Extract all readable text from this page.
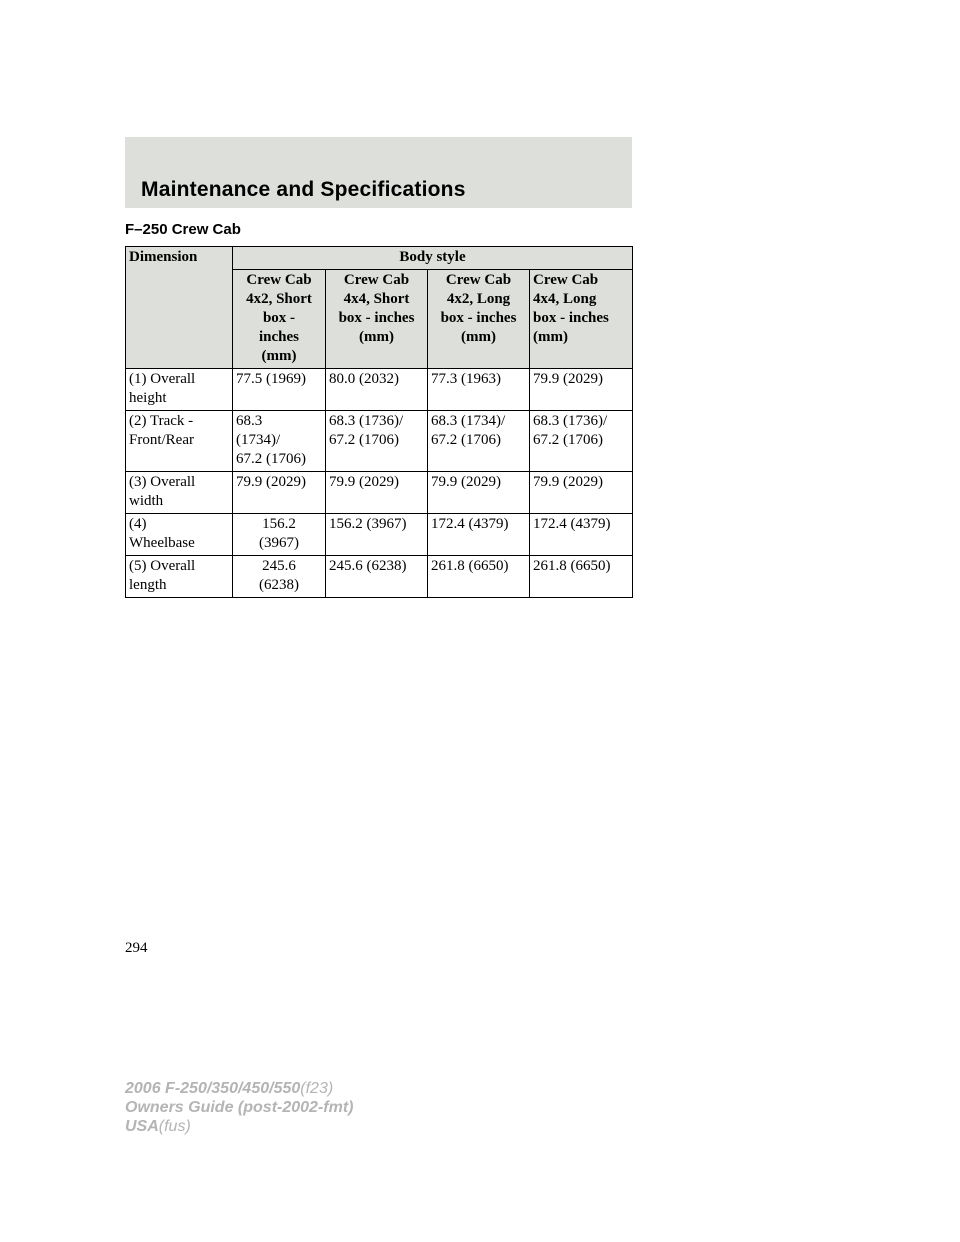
Maintenance and Specifications
F–250 Crew Cab
Dimension	Body style			

	Crew Cab
4x2, Short
box -
inches
(mm)	Crew Cab
4x4, Short
box - inches
(mm)	Crew Cab
4x2, Long
box - inches
(mm)	Crew Cab
4x4, Long
box - inches
(mm)

(1) Overall
height	77.5 (1969)	80.0 (2032)	77.3 (1963)	79.9 (2029)

(2) Track -
Front/Rear	68.3
(1734)/
67.2 (1706)	68.3 (1736)/
67.2 (1706)	68.3 (1734)/
67.2 (1706)	68.3 (1736)/
67.2 (1706)

(3) Overall
width	79.9 (2029)	79.9 (2029)	79.9 (2029)	79.9 (2029)

(4)
Wheelbase	156.2
(3967)	156.2 (3967)	172.4 (4379)	172.4 (4379)

(5) Overall
length	245.6
(6238)	245.6 (6238)	261.8 (6650)	261.8 (6650)
294
2006 F-250/350/450/550(f23)
Owners Guide (post-2002-fmt)
USA(fus)
